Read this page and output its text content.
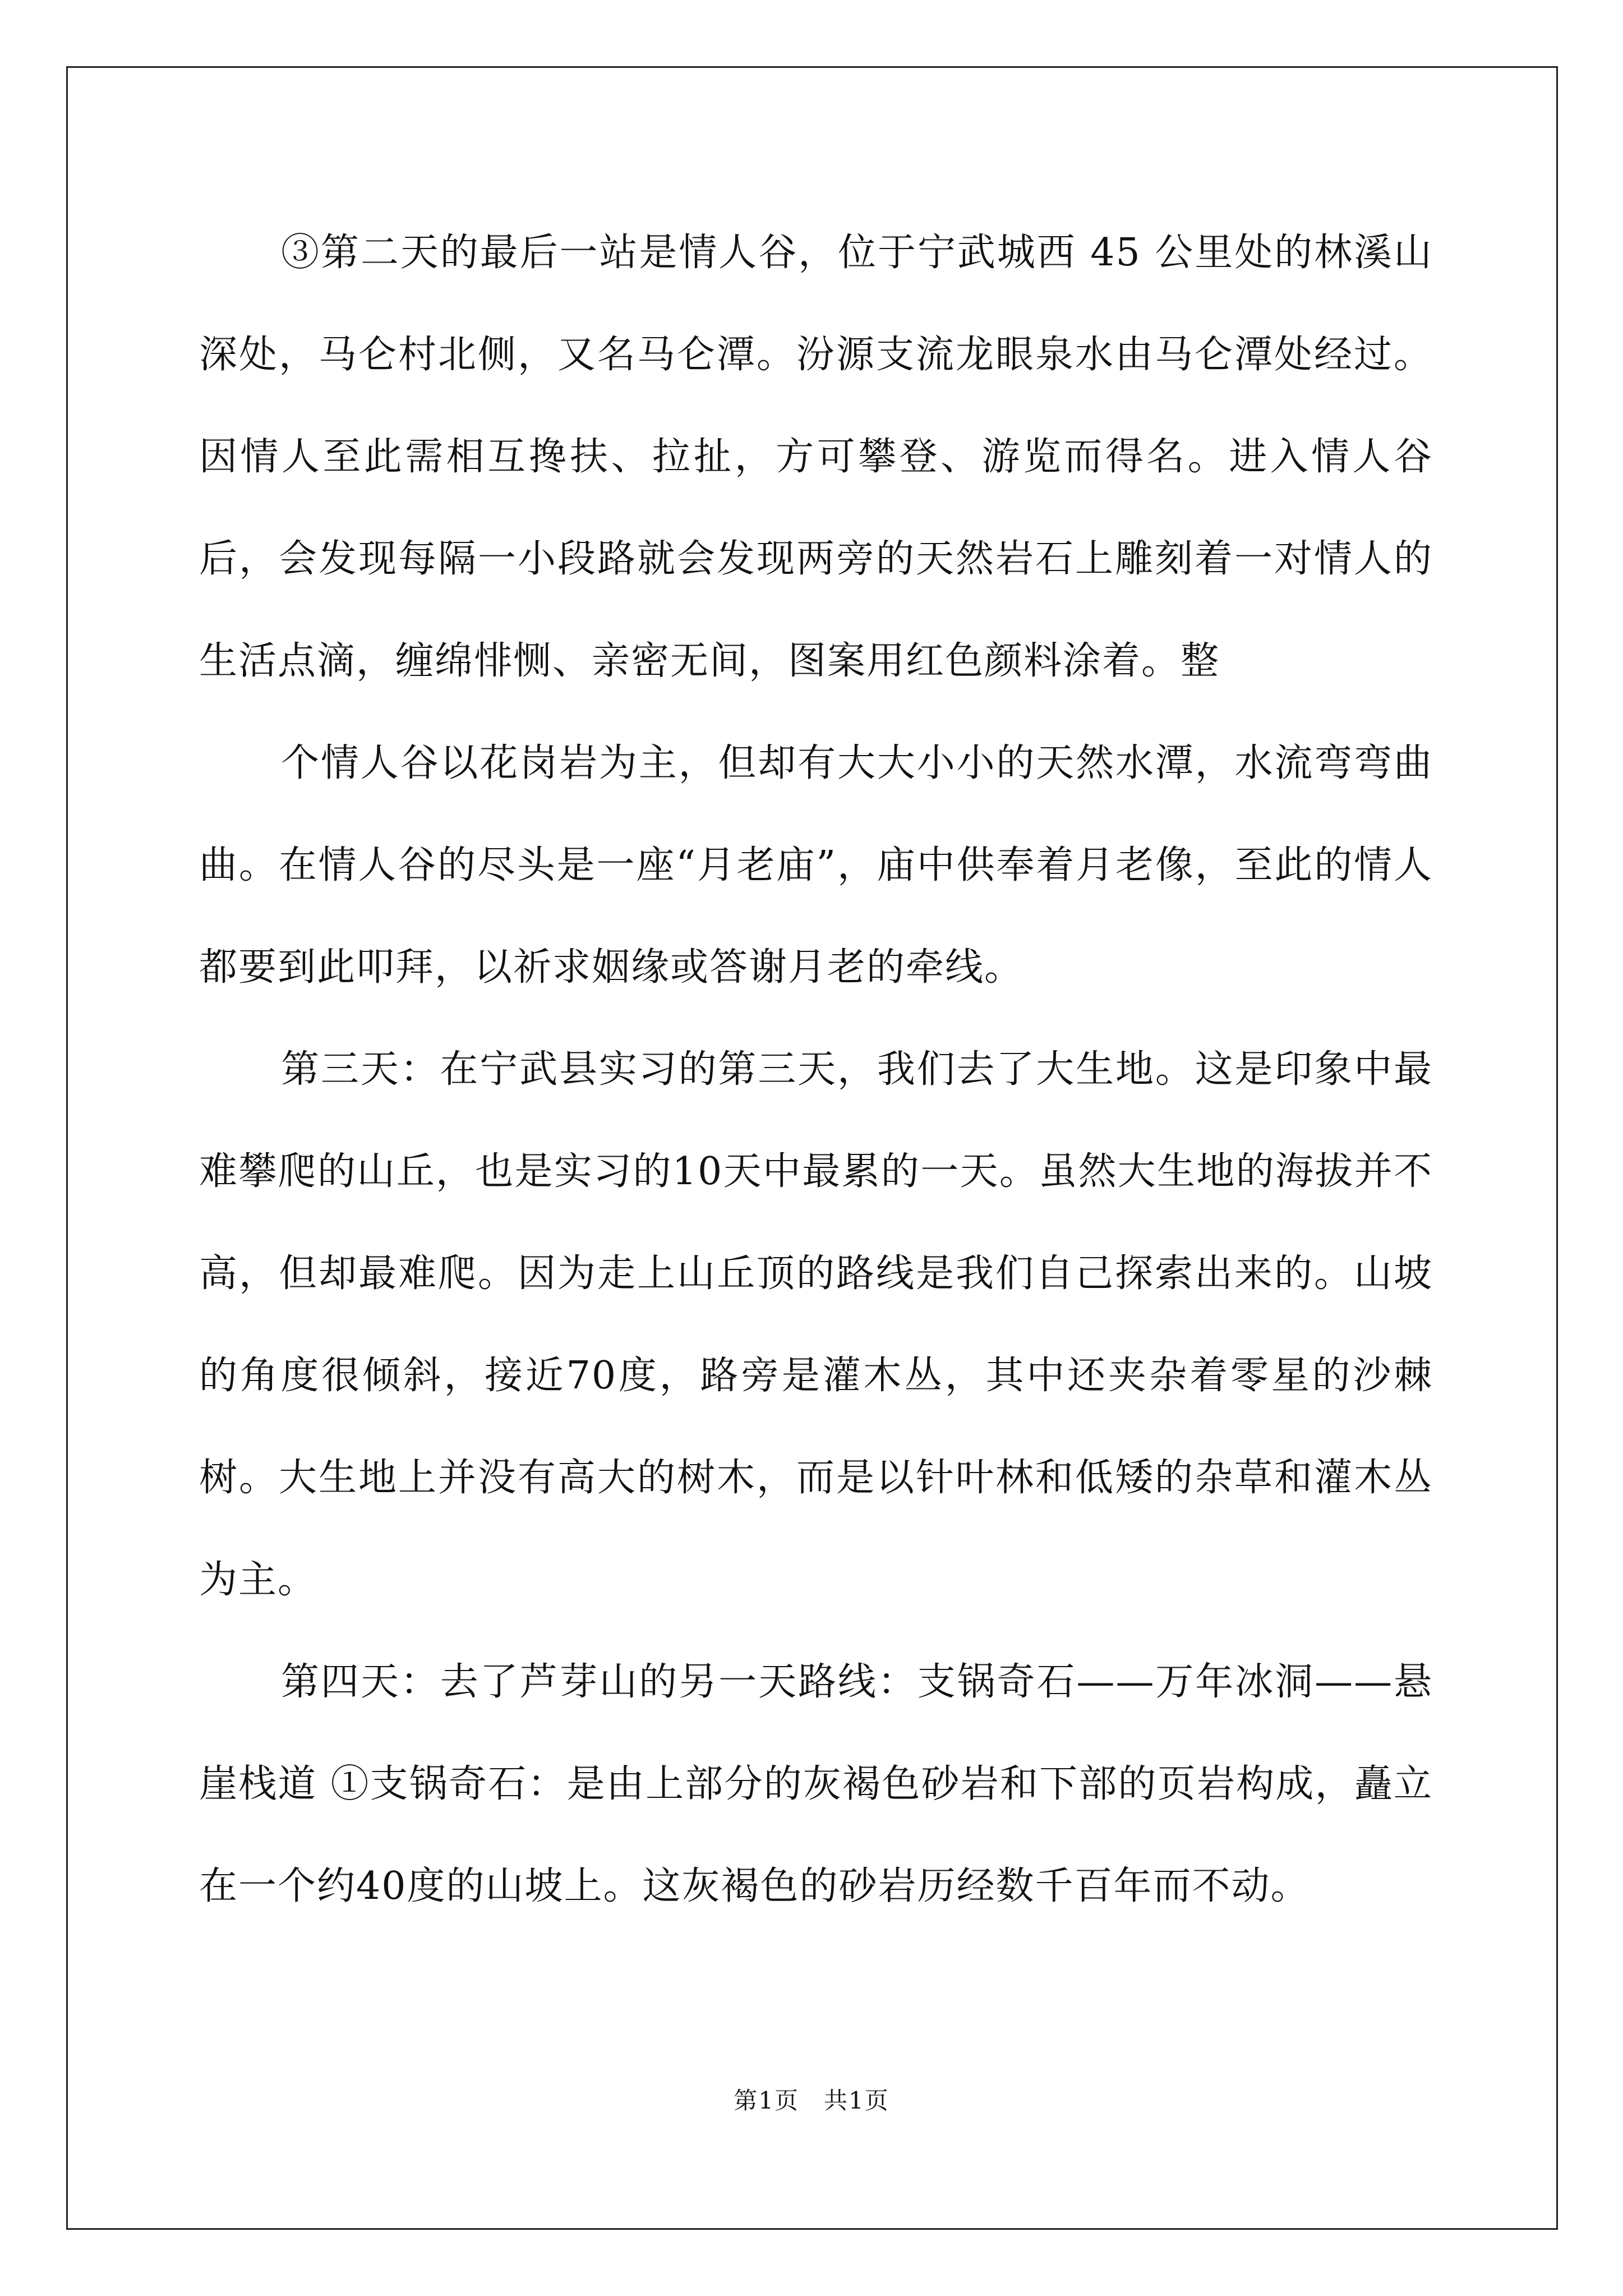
③第二天的最后一站是情人谷，位于宁武城西 45 公里处的林溪山深处，马仑村北侧，又名马仑潭。汾源支流龙眼泉水由马仑潭处经过。因情人至此需相互搀扶、拉扯，方可攀登、游览而得名。进入情人谷后，会发现每隔一小段路就会发现两旁的天然岩石上雕刻着一对情人的生活点滴，缠绵悱恻、亲密无间，图案用红色颜料涂着。整

个情人谷以花岗岩为主，但却有大大小小的天然水潭，水流弯弯曲曲。在情人谷的尽头是一座“月老庙”，庙中供奉着月老像，至此的情人都要到此叩拜，以祈求姻缘或答谢月老的牵线。

第三天：在宁武县实习的第三天，我们去了大生地。这是印象中最难攀爬的山丘，也是实习的10天中最累的一天。虽然大生地的海拔并不高，但却最难爬。因为走上山丘顶的路线是我们自己探索出来的。山坡的角度很倾斜，接近70度，路旁是灌木丛，其中还夹杂着零星的沙棘树。大生地上并没有高大的树木，而是以针叶林和低矮的杂草和灌木丛为主。

第四天：去了芦芽山的另一天路线：支锅奇石——万年冰洞——悬崖栈道 ①支锅奇石：是由上部分的灰褐色砂岩和下部的页岩构成，矗立在一个约40度的山坡上。这灰褐色的砂岩历经数千百年而不动。

第1页　共1页
